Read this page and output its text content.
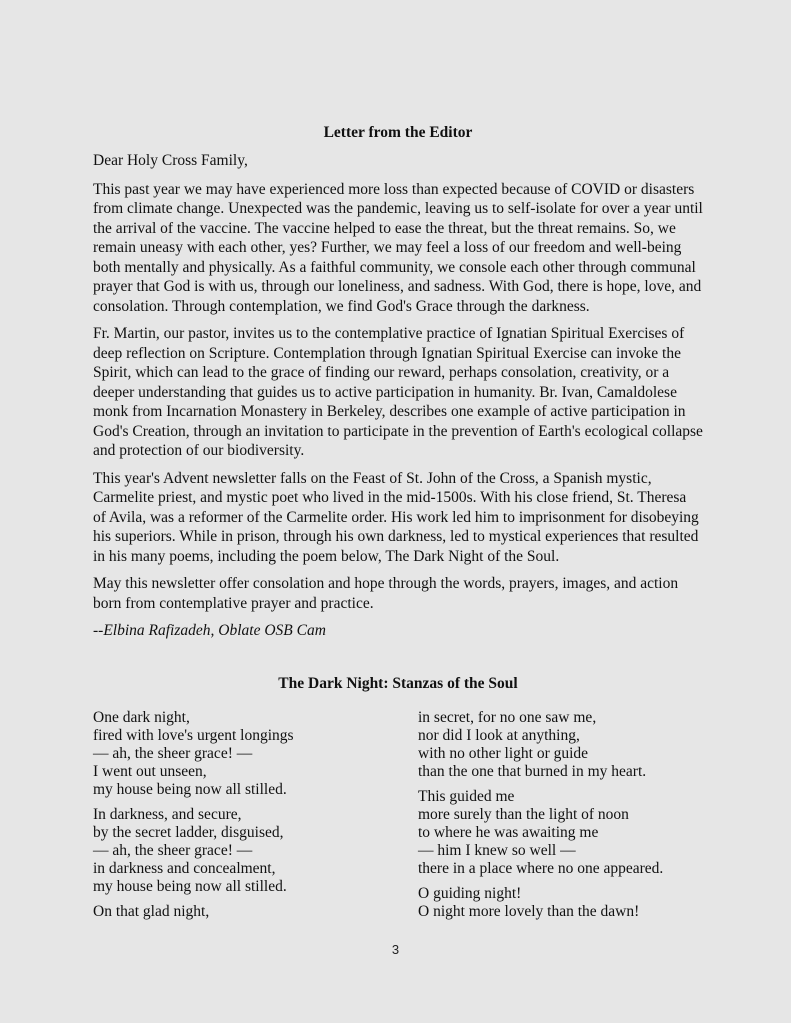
Letter from the Editor

Dear Holy Cross Family,

This past year we may have experienced more loss than expected because of COVID or disasters from climate change. Unexpected was the pandemic, leaving us to self-isolate for over a year until the arrival of the vaccine. The vaccine helped to ease the threat, but the threat remains. So, we remain uneasy with each other, yes? Further, we may feel a loss of our freedom and well-being both mentally and physically. As a faithful community, we console each other through communal prayer that God is with us, through our loneliness, and sadness. With God, there is hope, love, and consolation. Through contemplation, we find God's Grace through the darkness.

Fr. Martin, our pastor, invites us to the contemplative practice of Ignatian Spiritual Exercises of deep reflection on Scripture. Contemplation through Ignatian Spiritual Exercise can invoke the Spirit, which can lead to the grace of finding our reward, perhaps consolation, creativity, or a deeper understanding that guides us to active participation in humanity. Br. Ivan, Camaldolese monk from Incarnation Monastery in Berkeley, describes one example of active participation in God's Creation, through an invitation to participate in the prevention of Earth's ecological collapse and protection of our biodiversity.

This year's Advent newsletter falls on the Feast of St. John of the Cross, a Spanish mystic, Carmelite priest, and mystic poet who lived in the mid-1500s. With his close friend, St. Theresa of Avila, was a reformer of the Carmelite order. His work led him to imprisonment for disobeying his superiors. While in prison, through his own darkness, led to mystical experiences that resulted in his many poems, including the poem below, The Dark Night of the Soul.

May this newsletter offer consolation and hope through the words, prayers, images, and action born from contemplative prayer and practice.

--Elbina Rafizadeh, Oblate OSB Cam

The Dark Night: Stanzas of the Soul
One dark night,
fired with love's urgent longings
— ah, the sheer grace! —
I went out unseen,
my house being now all stilled.
In darkness, and secure,
by the secret ladder, disguised,
— ah, the sheer grace! —
in darkness and concealment,
my house being now all stilled.
On that glad night,
in secret, for no one saw me,
nor did I look at anything,
with no other light or guide
than the one that burned in my heart.
This guided me
more surely than the light of noon
to where he was awaiting me
— him I knew so well —
there in a place where no one appeared.
O guiding night!
O night more lovely than the dawn!
3
